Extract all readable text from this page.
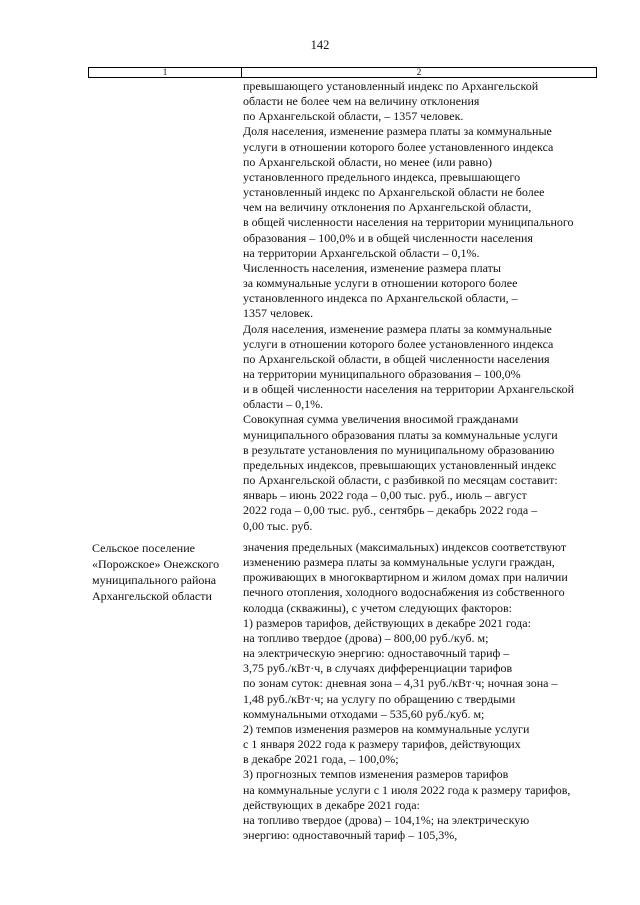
142
1	2
превышающего установленный индекс по Архангельской
области не более чем на величину отклонения
по Архангельской области, – 1357 человек.
Доля населения, изменение размера платы за коммунальные
услуги в отношении которого более установленного индекса
по Архангельской области, но менее (или равно)
установленного предельного индекса, превышающего
установленный индекс по Архангельской области не более
чем на величину отклонения по Архангельской области,
в общей численности населения на территории муниципального
образования – 100,0% и в общей численности населения
на территории Архангельской области – 0,1%.
Численность населения, изменение размера платы
за коммунальные услуги в отношении которого более
установленного индекса по Архангельской области, –
1357 человек.
Доля населения, изменение размера платы за коммунальные
услуги в отношении которого более установленного индекса
по Архангельской области, в общей численности населения
на территории муниципального образования – 100,0%
и в общей численности населения на территории Архангельской
области – 0,1%.
Совокупная сумма увеличения вносимой гражданами
муниципального образования платы за коммунальные услуги
в результате установления по муниципальному образованию
предельных индексов, превышающих установленный индекс
по Архангельской области, с разбивкой по месяцам составит:
январь – июнь 2022 года – 0,00 тыс. руб., июль – август
2022 года – 0,00 тыс. руб., сентябрь – декабрь 2022 года –
0,00 тыс. руб.
Сельское поселение
«Порожское» Онежского
муниципального района
Архангельской области
значения предельных (максимальных) индексов соответствуют
изменению размера платы за коммунальные услуги граждан,
проживающих в многоквартирном и жилом домах при наличии
печного отопления, холодного водоснабжения из собственного
колодца (скважины), с учетом следующих факторов:
1) размеров тарифов, действующих в декабре 2021 года:
на топливо твердое (дрова) – 800,00 руб./куб. м;
на электрическую энергию: одноставочный тариф –
3,75 руб./кВт·ч, в случаях дифференциации тарифов
по зонам суток: дневная зона – 4,31 руб./кВт·ч; ночная зона –
1,48 руб./кВт·ч; на услугу по обращению с твердыми
коммунальными отходами – 535,60 руб./куб. м;
2) темпов изменения размеров на коммунальные услуги
с 1 января 2022 года к размеру тарифов, действующих
в декабре 2021 года, – 100,0%;
3) прогнозных темпов изменения размеров тарифов
на коммунальные услуги с 1 июля 2022 года к размеру тарифов,
действующих в декабре 2021 года:
на топливо твердое (дрова) – 104,1%; на электрическую
энергию: одноставочный тариф – 105,3%,
